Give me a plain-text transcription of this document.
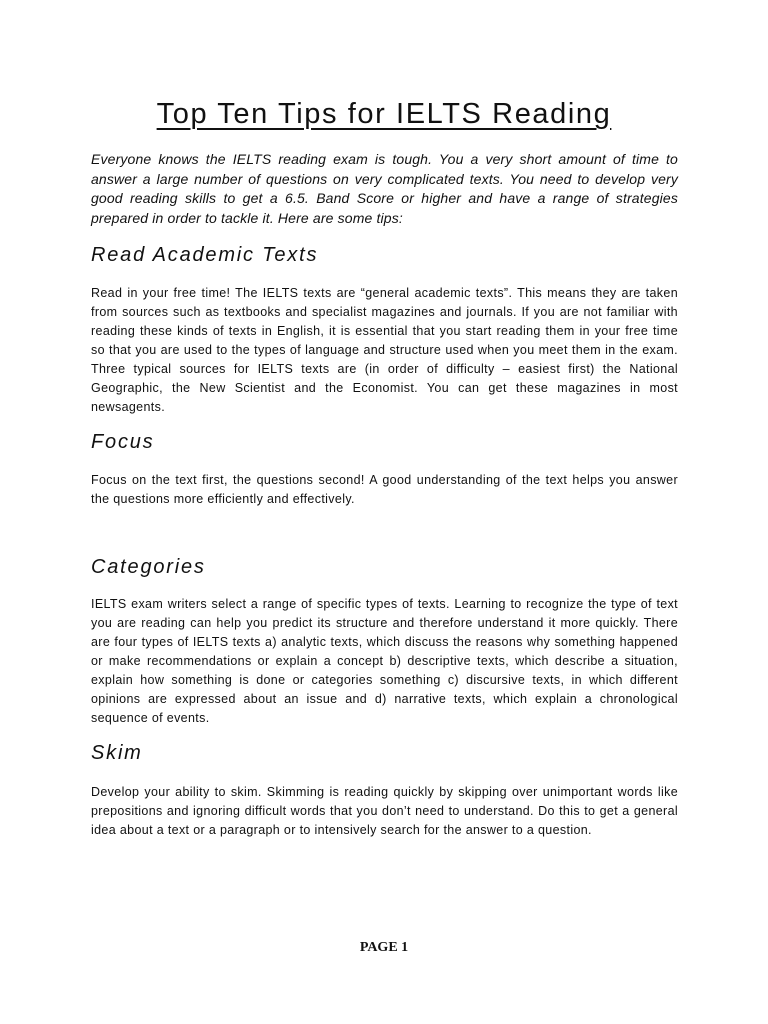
Top Ten Tips for IELTS Reading

Everyone knows the IELTS reading exam is tough. You a very short amount of time to answer a large number of questions on very complicated texts. You need to develop very good reading skills to get a 6.5. Band Score or higher and have a range of strategies prepared in order to tackle it. Here are some tips:

Read Academic Texts

Read in your free time! The IELTS texts are “general academic texts”. This means they are taken from sources such as textbooks and specialist magazines and journals. If you are not familiar with reading these kinds of texts in English, it is essential that you start reading them in your free time so that you are used to the types of language and structure used when you meet them in the exam. Three typical sources for IELTS texts are (in order of difficulty – easiest first) the National Geographic, the New Scientist and the Economist. You can get these magazines in most newsagents.

Focus

Focus on the text first, the questions second! A good understanding of the text helps you answer the questions more efficiently and effectively.

Categories

IELTS exam writers select a range of specific types of texts. Learning to recognize the type of text you are reading can help you predict its structure and therefore understand it more quickly. There are four types of IELTS texts a) analytic texts, which discuss the reasons why something happened or make recommendations or explain a concept b) descriptive texts, which describe a situation, explain how something is done or categories something c) discursive texts, in which different opinions are expressed about an issue and d) narrative texts, which explain a chronological sequence of events.

Skim

Develop your ability to skim. Skimming is reading quickly by skipping over unimportant words like prepositions and ignoring difficult words that you don’t need to understand. Do this to get a general idea about a text or a paragraph or to intensively search for the answer to a question.

PAGE 1
